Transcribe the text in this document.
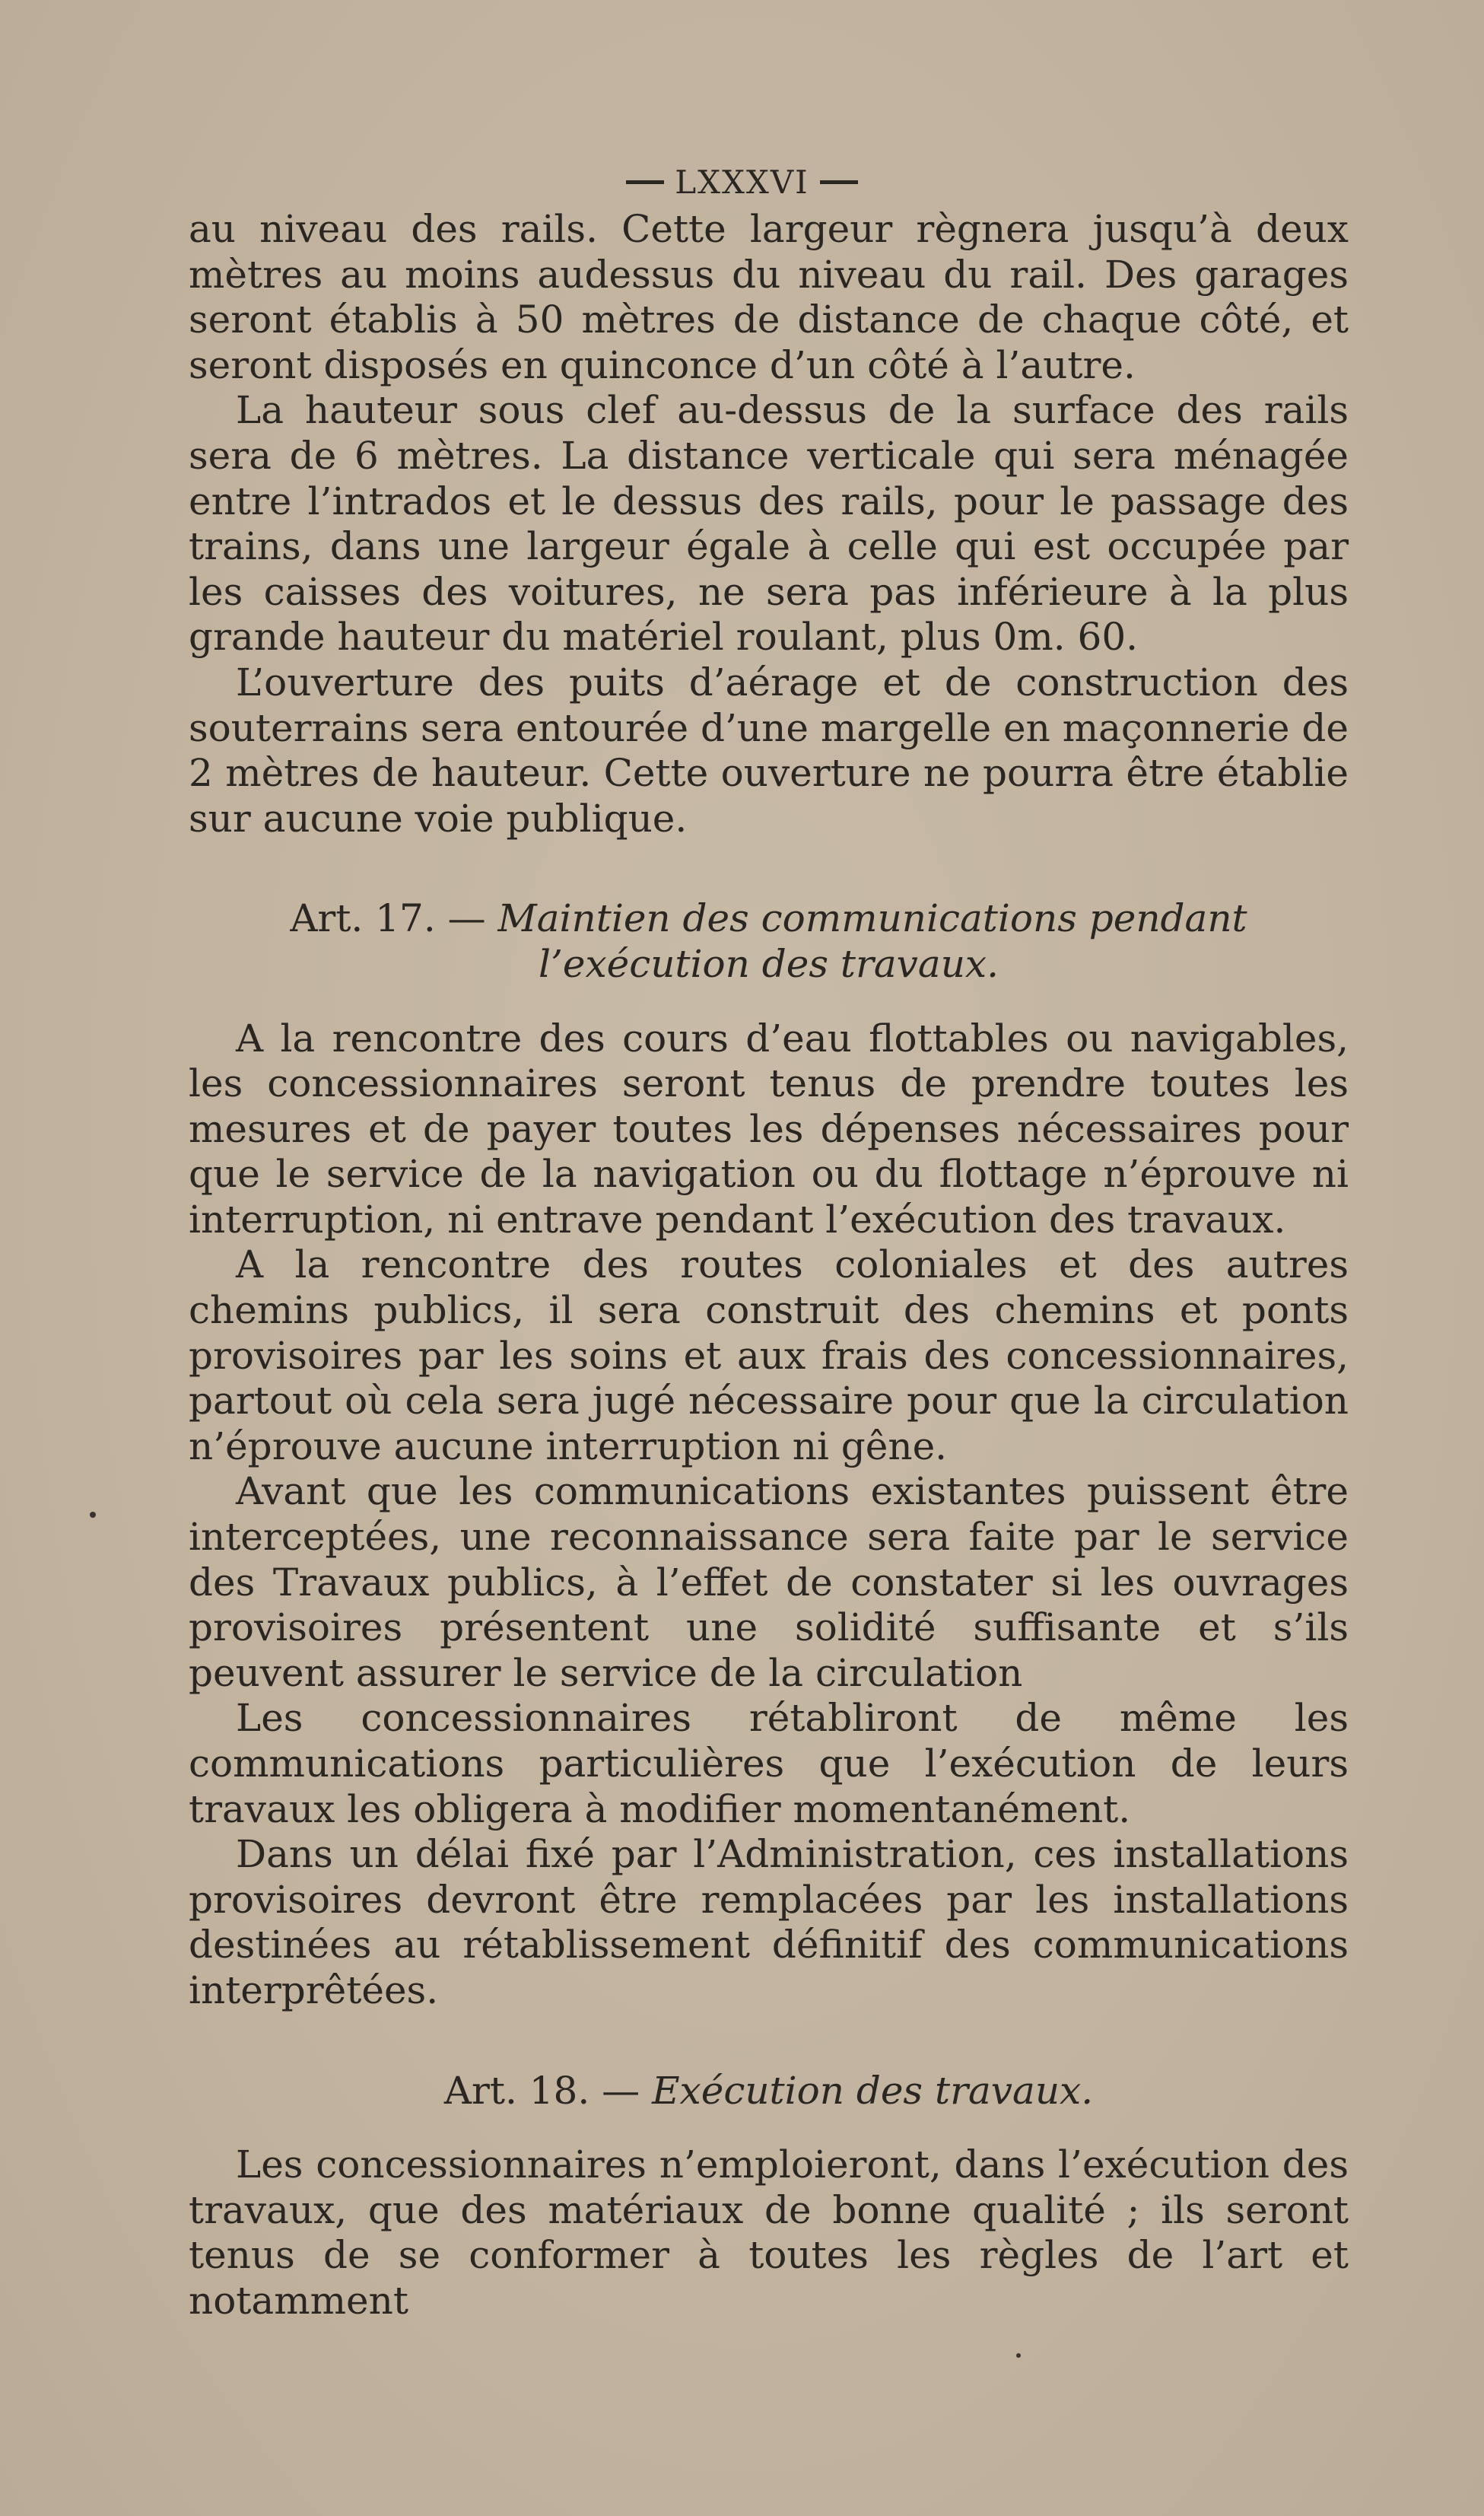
LXXXVI

au niveau des rails. Cette largeur règnera jusqu’à deux mètres au moins audessus du niveau du rail. Des garages seront établis à 50 mètres de distance de chaque côté, et seront disposés en quinconce d’un côté à l’autre.

La hauteur sous clef au-dessus de la surface des rails sera de 6 mètres. La distance verticale qui sera ménagée entre l’intrados et le dessus des rails, pour le passage des trains, dans une largeur égale à celle qui est occupée par les caisses des voitures, ne sera pas inférieure à la plus grande hauteur du matériel roulant, plus 0m. 60.

L’ouverture des puits d’aérage et de construction des souterrains sera entourée d’une margelle en maçonnerie de 2 mètres de hauteur. Cette ouverture ne pourra être établie sur aucune voie publique.

Art. 17. — Maintien des communications pendant l’exécution des travaux.

A la rencontre des cours d’eau flottables ou navigables, les concessionnaires seront tenus de prendre toutes les mesures et de payer toutes les dépenses nécessaires pour que le service de la navigation ou du flottage n’éprouve ni interruption, ni entrave pendant l’exécution des travaux.

A la rencontre des routes coloniales et des autres chemins publics, il sera construit des chemins et ponts provisoires par les soins et aux frais des concessionnaires, partout où cela sera jugé nécessaire pour que la circulation n’éprouve aucune interruption ni gêne.

Avant que les communications existantes puissent être interceptées, une reconnaissance sera faite par le service des Travaux publics, à l’effet de constater si les ouvrages provisoires présentent une solidité suffisante et s’ils peuvent assurer le service de la circulation

Les concessionnaires rétabliront de même les communications particulières que l’exécution de leurs travaux les obligera à modifier momentanément.

Dans un délai fixé par l’Administration, ces installations provisoires devront être remplacées par les installations destinées au rétablissement définitif des communications interprêtées.

Art. 18. — Exécution des travaux.

Les concessionnaires n’emploieront, dans l’exécution des travaux, que des matériaux de bonne qualité ; ils seront tenus de se conformer à toutes les règles de l’art et notamment
